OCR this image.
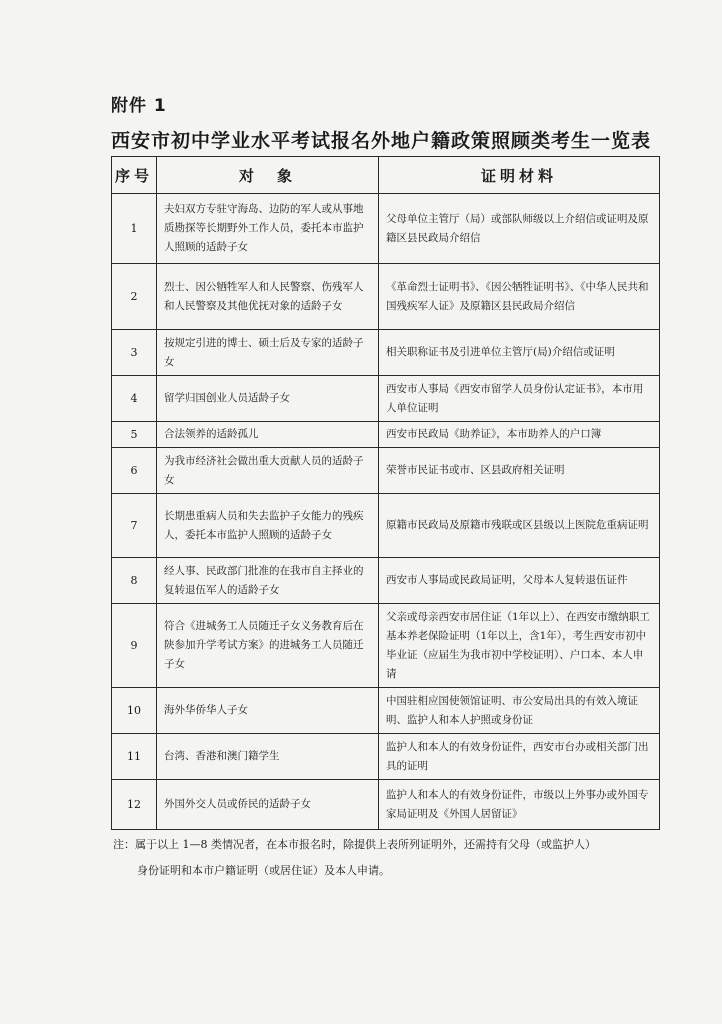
附件 1
西安市初中学业水平考试报名外地户籍政策照顾类考生一览表
序号	对　象	证明材料
1	夫妇双方专驻守海岛、边防的军人或从事地质勘探等长期野外工作人员，委托本市监护人照顾的适龄子女	父母单位主管厅（局）或部队师级以上介绍信或证明及原籍区县民政局介绍信
2	烈士、因公牺牲军人和人民警察、伤残军人和人民警察及其他优抚对象的适龄子女	《革命烈士证明书》、《因公牺牲证明书》、《中华人民共和国残疾军人证》及原籍区县民政局介绍信
3	按规定引进的博士、硕士后及专家的适龄子女	相关职称证书及引进单位主管厅(局)介绍信或证明
4	留学归国创业人员适龄子女	西安市人事局《西安市留学人员身份认定证书》，本市用人单位证明
5	合法领养的适龄孤儿	西安市民政局《助养证》，本市助养人的户口簿
6	为我市经济社会做出重大贡献人员的适龄子女	荣誉市民证书或市、区县政府相关证明
7	长期患重病人员和失去监护子女能力的残疾人，委托本市监护人照顾的适龄子女	原籍市民政局及原籍市残联或区县级以上医院危重病证明
8	经人事、民政部门批准的在我市自主择业的复转退伍军人的适龄子女	西安市人事局或民政局证明，父母本人复转退伍证件
9	符合《进城务工人员随迁子女义务教育后在陕参加升学考试方案》的进城务工人员随迁子女	父亲或母亲西安市居住证（1年以上）、在西安市缴纳职工基本养老保险证明（1年以上，含1年），考生西安市初中毕业证（应届生为我市初中学校证明）、户口本、本人申请
10	海外华侨华人子女	中国驻相应国使领馆证明、市公安局出具的有效入境证明、监护人和本人护照或身份证
11	台湾、香港和澳门籍学生	监护人和本人的有效身份证件，西安市台办或相关部门出具的证明
12	外国外交人员或侨民的适龄子女	监护人和本人的有效身份证件，市级以上外事办或外国专家局证明及《外国人居留证》
注：属于以上 1—8 类情况者，在本市报名时，除提供上表所列证明外，还需持有父母（或监护人）
身份证明和本市户籍证明（或居住证）及本人申请。
